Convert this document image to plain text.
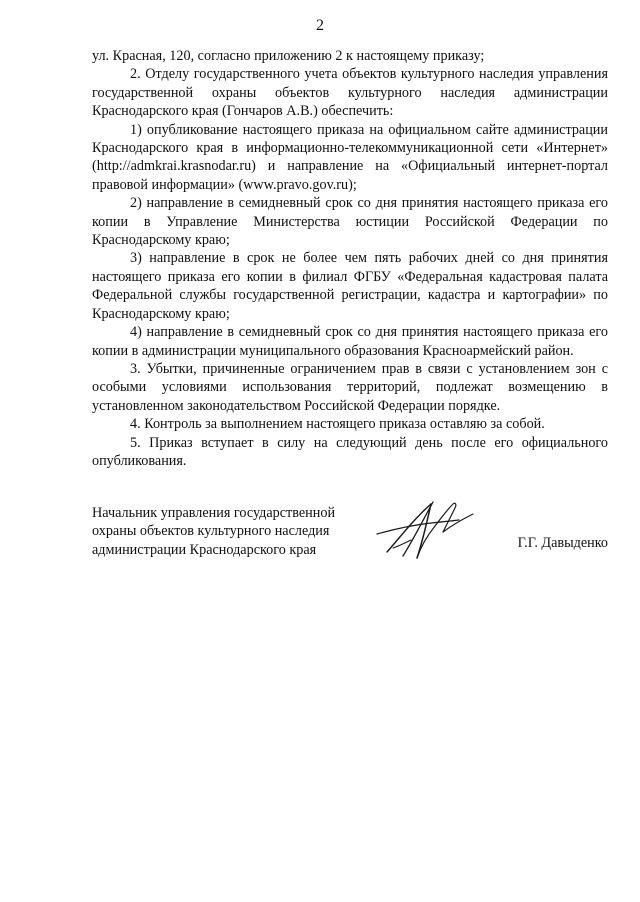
2

ул. Красная, 120, согласно приложению 2 к настоящему приказу;

2. Отделу государственного учета объектов культурного наследия управления государственной охраны объектов культурного наследия администрации Краснодарского края (Гончаров А.В.) обеспечить:

1) опубликование настоящего приказа на официальном сайте администрации Краснодарского края в информационно-телекоммуникационной сети «Интернет» (http://admkrai.krasnodar.ru) и направление на «Официальный интернет-портал правовой информации» (www.pravo.gov.ru);

2) направление в семидневный срок со дня принятия настоящего приказа его копии в Управление Министерства юстиции Российской Федерации по Краснодарскому краю;

3) направление в срок не более чем пять рабочих дней со дня принятия настоящего приказа его копии в филиал ФГБУ «Федеральная кадастровая палата Федеральной службы государственной регистрации, кадастра и картографии» по Краснодарскому краю;

4) направление в семидневный срок со дня принятия настоящего приказа его копии в администрации муниципального образования Красноармейский район.

3. Убытки, причиненные ограничением прав в связи с установлением зон с особыми условиями использования территорий, подлежат возмещению в установленном законодательством Российской Федерации порядке.

4. Контроль за выполнением настоящего приказа оставляю за собой.

5. Приказ вступает в силу на следующий день после его официального опубликования.

Начальник управления государственной
охраны объектов культурного наследия
администрации Краснодарского края	Г.Г. Давыденко
